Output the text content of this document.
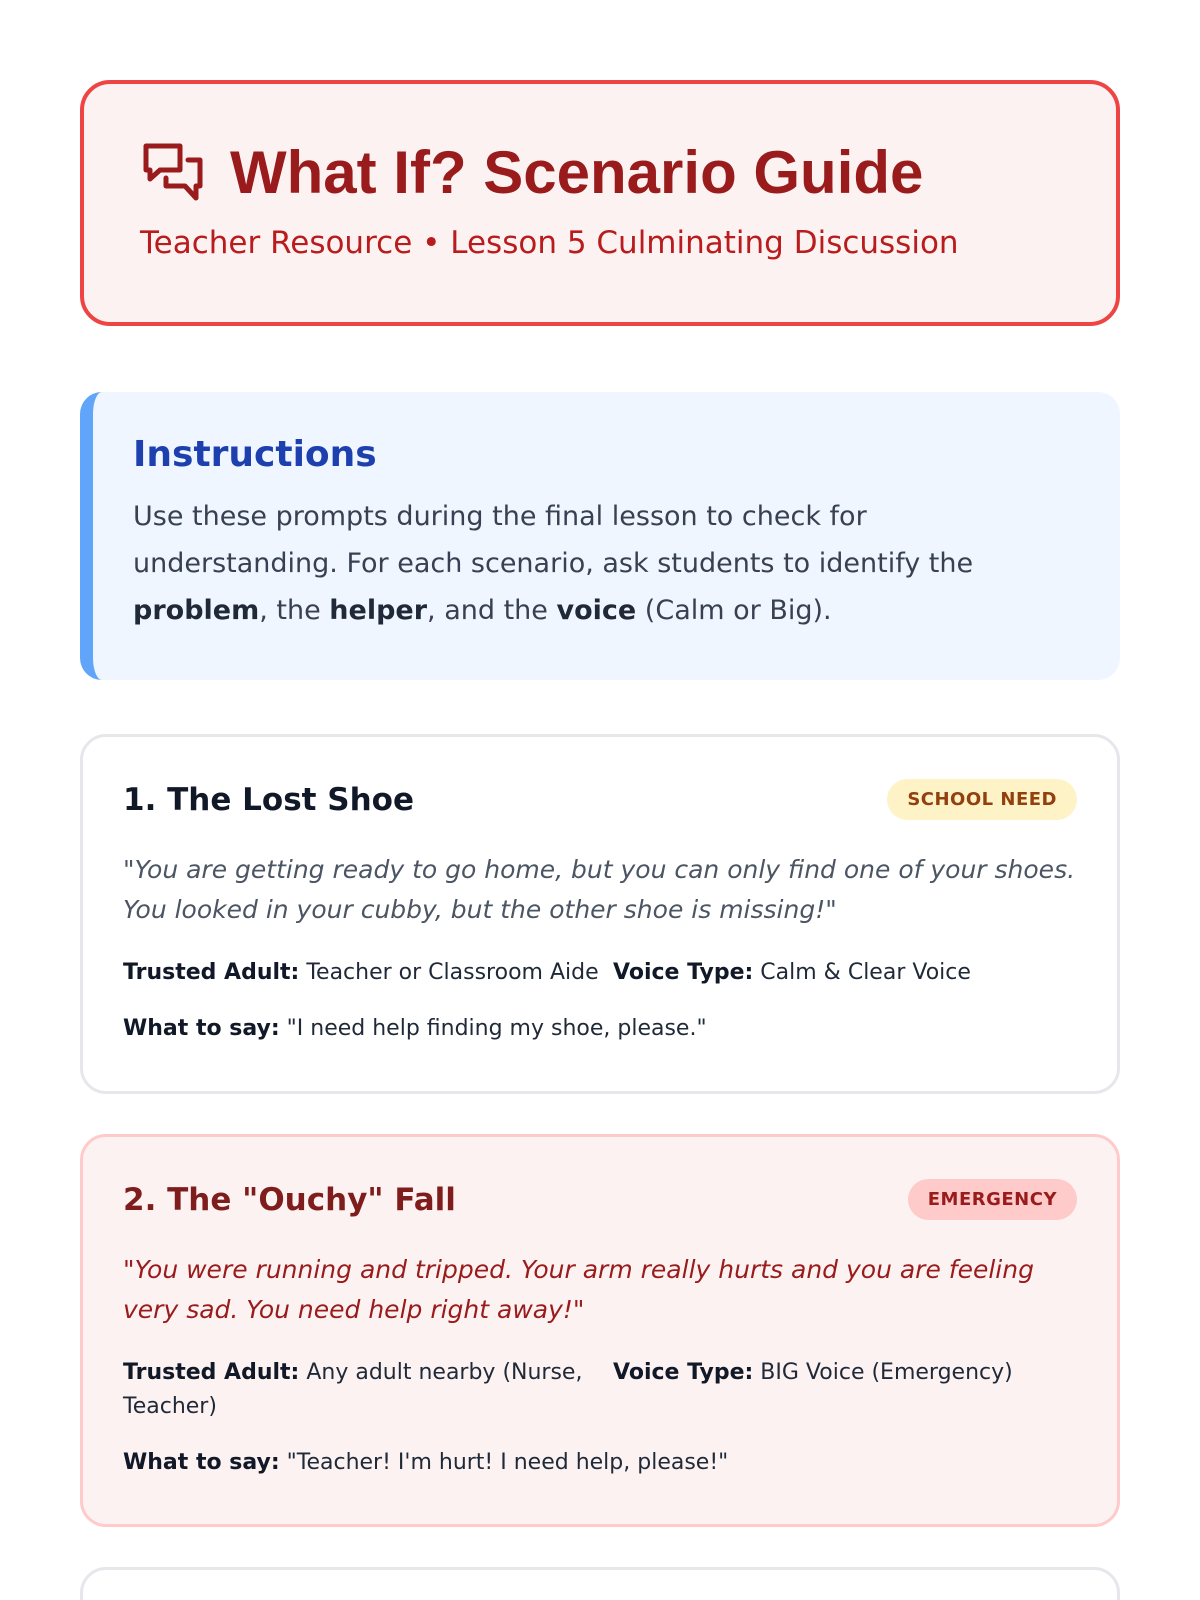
What If? Scenario Guide
Teacher Resource • Lesson 5 Culminating Discussion
Instructions

Use these prompts during the final lesson to check for understanding. For each scenario, ask students to identify the problem, the helper, and the voice (Calm or Big).

1. The Lost Shoe	SCHOOL NEED

"You are getting ready to go home, but you can only find one of your shoes. You looked in your cubby, but the other shoe is missing!"

Trusted Adult: Teacher or Classroom Aide Voice Type: Calm & Clear Voice
What to say: "I need help finding my shoe, please."
2. The "Ouchy" Fall	EMERGENCY

"You were running and tripped. Your arm really hurts and you are feeling very sad. You need help right away!"

Trusted Adult: Any adult nearby (Nurse, Teacher)
Voice Type: BIG Voice (Emergency)
What to say: "Teacher! I'm hurt! I need help, please!"
